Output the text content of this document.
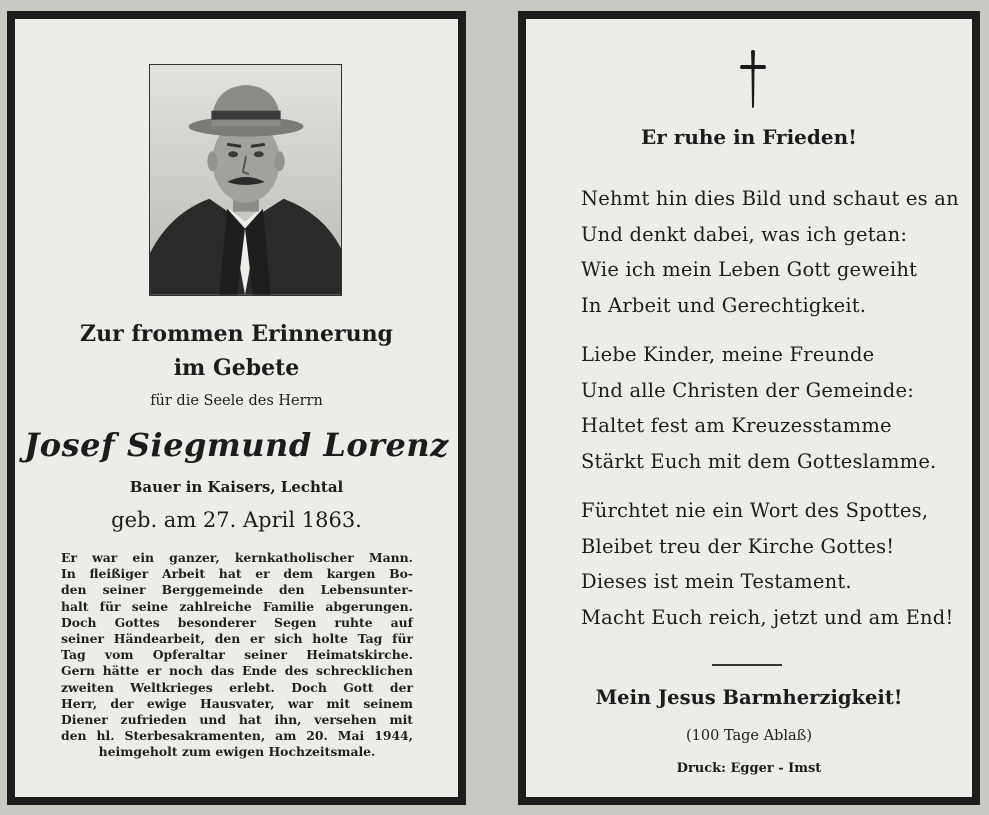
Zur frommen Erinnerung
im Gebete
für die Seele des Herrn
Josef Siegmund Lorenz
Bauer in Kaisers, Lechtal
geb. am 27. April 1863.
Er war ein ganzer, kernkatholischer Mann.
In fleißiger Arbeit hat er dem kargen Bo-
den seiner Berggemeinde den Lebensunter-
halt für seine zahlreiche Familie abgerungen.
Doch Gottes besonderer Segen ruhte auf
seiner Händearbeit, den er sich holte Tag für
Tag vom Opferaltar seiner Heimatskirche.
Gern hätte er noch das Ende des schrecklichen
zweiten Weltkrieges erlebt. Doch Gott der
Herr, der ewige Hausvater, war mit seinem
Diener zufrieden und hat ihn, versehen mit
den hl. Sterbesakramenten, am 20. Mai 1944,
heimgeholt zum ewigen Hochzeitsmale.
Er ruhe in Frieden!
Nehmt hin dies Bild und schaut es an
Und denkt dabei, was ich getan:
Wie ich mein Leben Gott geweiht
In Arbeit und Gerechtigkeit.
Liebe Kinder, meine Freunde
Und alle Christen der Gemeinde:
Haltet fest am Kreuzesstamme
Stärkt Euch mit dem Gotteslamme.
Fürchtet nie ein Wort des Spottes,
Bleibet treu der Kirche Gottes!
Dieses ist mein Testament.
Macht Euch reich, jetzt und am End!
Mein Jesus Barmherzigkeit!
(100 Tage Ablaß)
Druck: Egger - Imst
